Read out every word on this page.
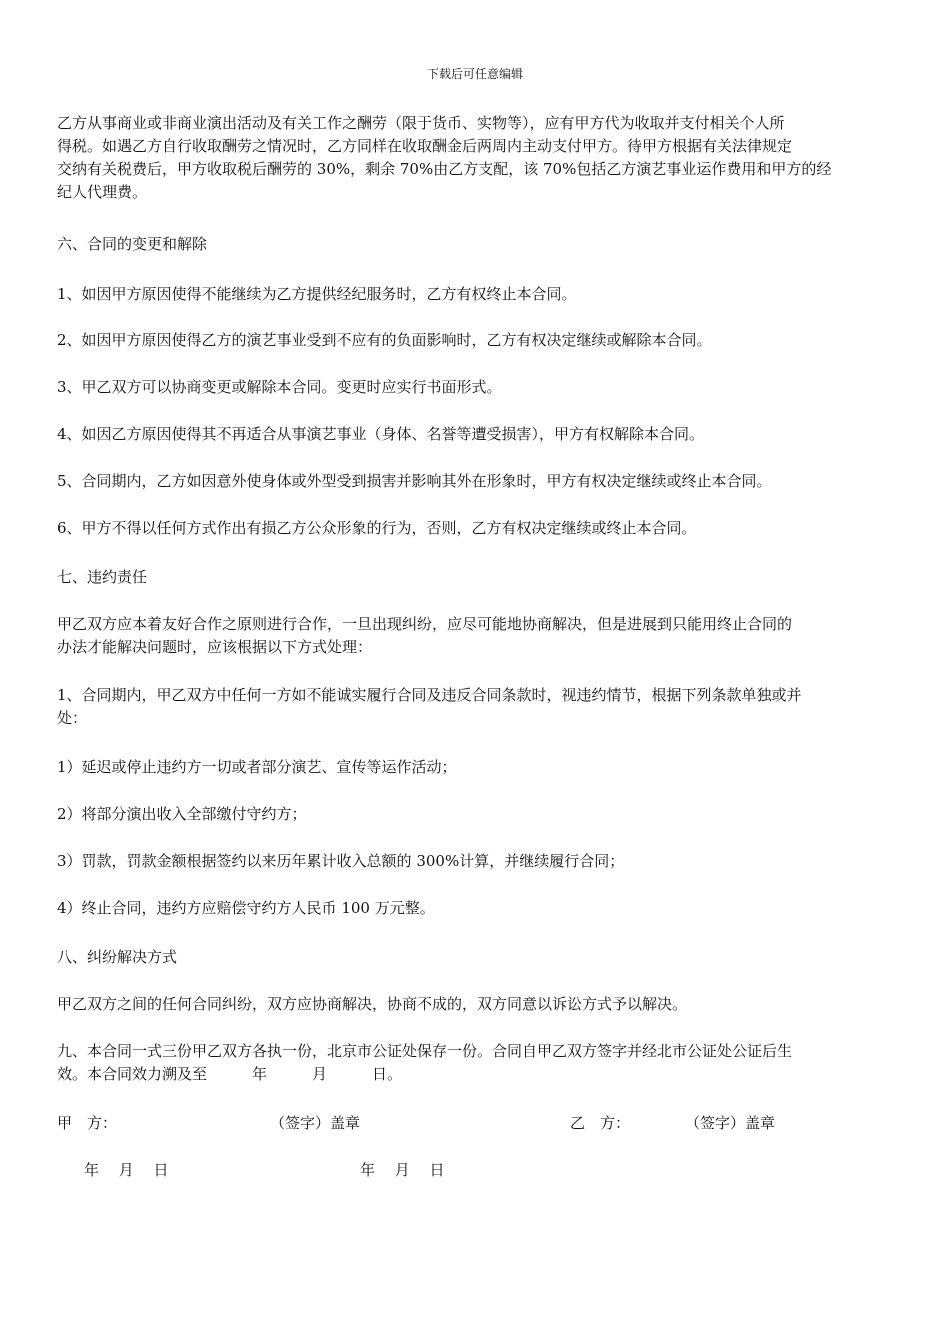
下载后可任意编辑
乙方从事商业或非商业演出活动及有关工作之酬劳（限于货币、实物等），应有甲方代为收取并支付相关个人所
得税。如遇乙方自行收取酬劳之情况时，乙方同样在收取酬金后两周内主动支付甲方。待甲方根据有关法律规定
交纳有关税费后，甲方收取税后酬劳的 30%，剩余 70%由乙方支配，该 70%包括乙方演艺事业运作费用和甲方的经
纪人代理费。
六、合同的变更和解除
1、如因甲方原因使得不能继续为乙方提供经纪服务时，乙方有权终止本合同。
2、如因甲方原因使得乙方的演艺事业受到不应有的负面影响时，乙方有权决定继续或解除本合同。
3、甲乙双方可以协商变更或解除本合同。变更时应实行书面形式。
4、如因乙方原因使得其不再适合从事演艺事业（身体、名誉等遭受损害），甲方有权解除本合同。
5、合同期内，乙方如因意外使身体或外型受到损害并影响其外在形象时，甲方有权决定继续或终止本合同。
6、甲方不得以任何方式作出有损乙方公众形象的行为，否则，乙方有权决定继续或终止本合同。
七、违约责任
甲乙双方应本着友好合作之原则进行合作，一旦出现纠纷，应尽可能地协商解决，但是进展到只能用终止合同的
办法才能解决问题时，应该根据以下方式处理：
1、合同期内，甲乙双方中任何一方如不能诚实履行合同及违反合同条款时，视违约情节，根据下列条款单独或并
处：
1）延迟或停止违约方一切或者部分演艺、宣传等运作活动；
2）将部分演出收入全部缴付守约方；
3）罚款，罚款金额根据签约以来历年累计收入总额的 300%计算，并继续履行合同；
4）终止合同，违约方应赔偿守约方人民币 100 万元整。
八、纠纷解决方式
甲乙双方之间的任何合同纠纷，双方应协商解决，协商不成的，双方同意以诉讼方式予以解决。
九、本合同一式三份甲乙双方各执一份，北京市公证处保存一份。合同自甲乙双方签字并经北市公证处公证后生
效。本合同效力溯及至　　　年　　　月　　　日。
甲　方：	（签字）盖章	乙　方：	（签字）盖章
年　 月　 日	年　 月　 日
